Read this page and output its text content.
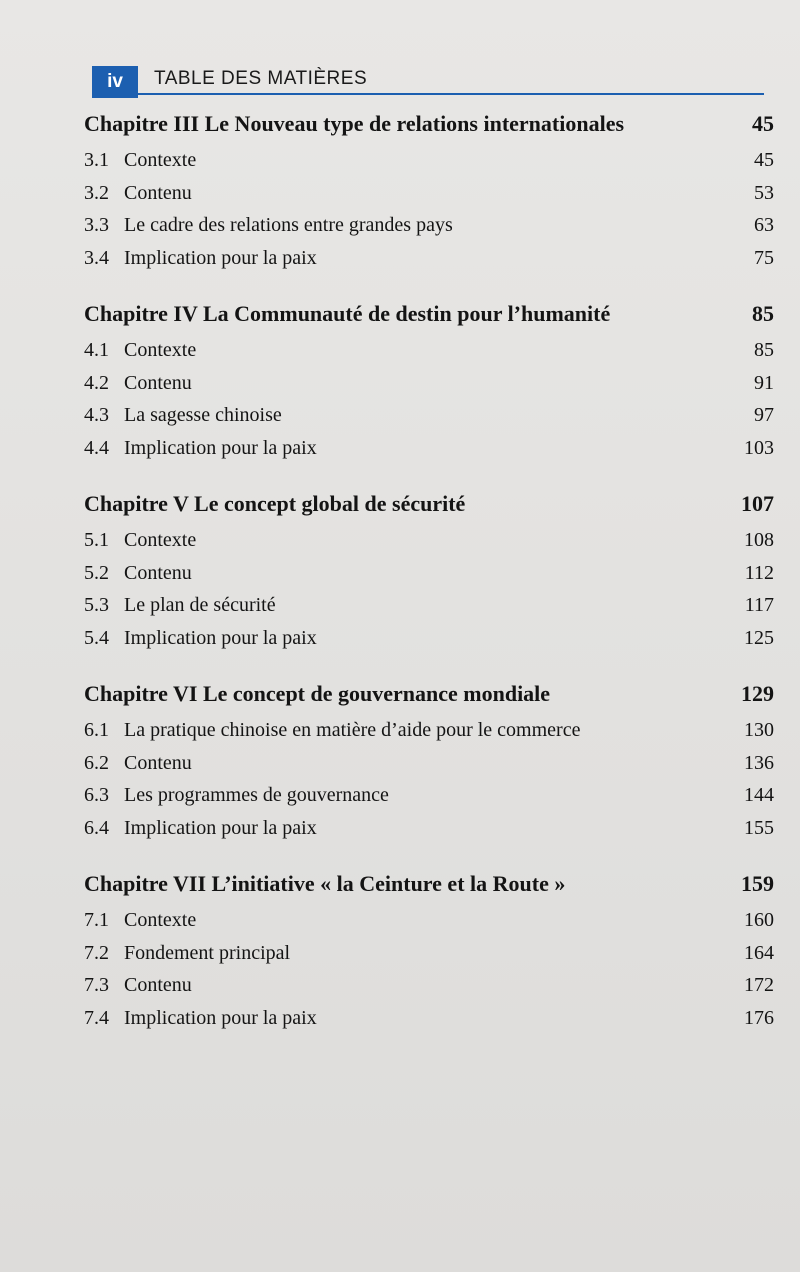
iv	TABLE DES MATIÈRES
Chapitre III Le Nouveau type de relations internationales	45
3.1 Contexte	45
3.2 Contenu	53
3.3 Le cadre des relations entre grandes pays	63
3.4 Implication pour la paix	75
Chapitre IV La Communauté de destin pour l’humanité	85
4.1 Contexte	85
4.2 Contenu	91
4.3 La sagesse chinoise	97
4.4 Implication pour la paix	103
Chapitre V Le concept global de sécurité	107
5.1 Contexte	108
5.2 Contenu	112
5.3 Le plan de sécurité	117
5.4 Implication pour la paix	125
Chapitre VI Le concept de gouvernance mondiale	129
6.1 La pratique chinoise en matière d’aide pour le commerce	130
6.2 Contenu	136
6.3 Les programmes de gouvernance	144
6.4 Implication pour la paix	155
Chapitre VII L’initiative « la Ceinture et la Route »	159
7.1 Contexte	160
7.2 Fondement principal	164
7.3 Contenu	172
7.4 Implication pour la paix	176
